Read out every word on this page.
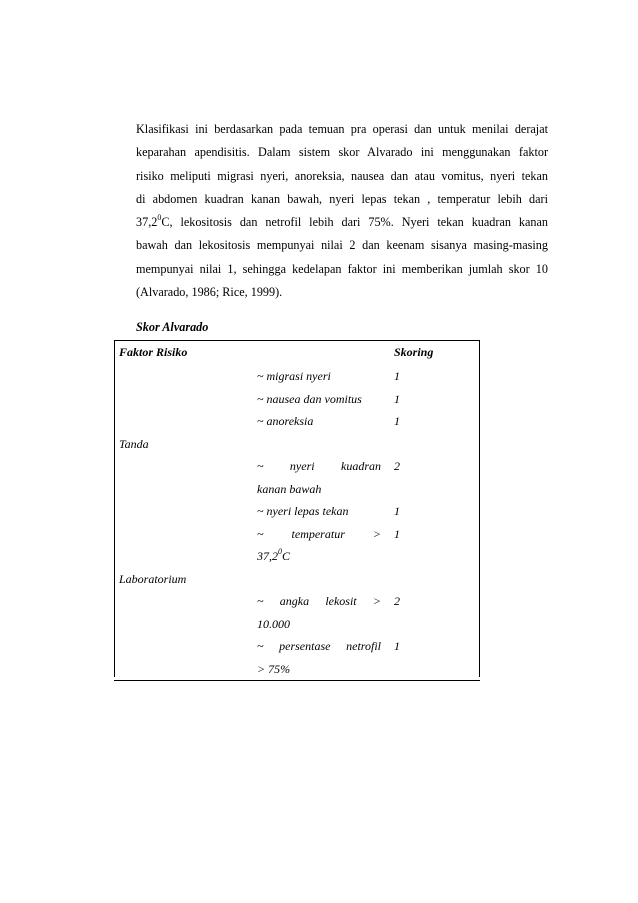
Klasifikasi ini berdasarkan pada temuan pra operasi dan untuk menilai derajat
keparahan apendisitis. Dalam sistem skor Alvarado ini menggunakan faktor
risiko meliputi migrasi nyeri, anoreksia, nausea dan atau vomitus, nyeri tekan
di abdomen kuadran kanan bawah, nyeri lepas tekan , temperatur lebih dari
37,2$^0$C, lekositosis dan netrofil lebih dari 75%. Nyeri tekan kuadran kanan
bawah dan lekositosis mempunyai nilai 2 dan keenam sisanya masing-masing
mempunyai nilai 1, sehingga kedelapan faktor ini memberikan jumlah skor 10
(Alvarado, 1986; Rice, 1999).
Skor Alvarado
Faktor Risiko		Skoring
	~ migrasi nyeri	1
	~ nausea dan vomitus	1
	~ anoreksia	1
Tanda		
	~ nyeri kuadran	2
	kanan bawah	
	~ nyeri lepas tekan	1
	~ temperatur >	1
	37,2$^0$C	
Laboratorium		
	~ angka lekosit >	2
	10.000	
	~ persentase netrofil	1
	> 75%	
